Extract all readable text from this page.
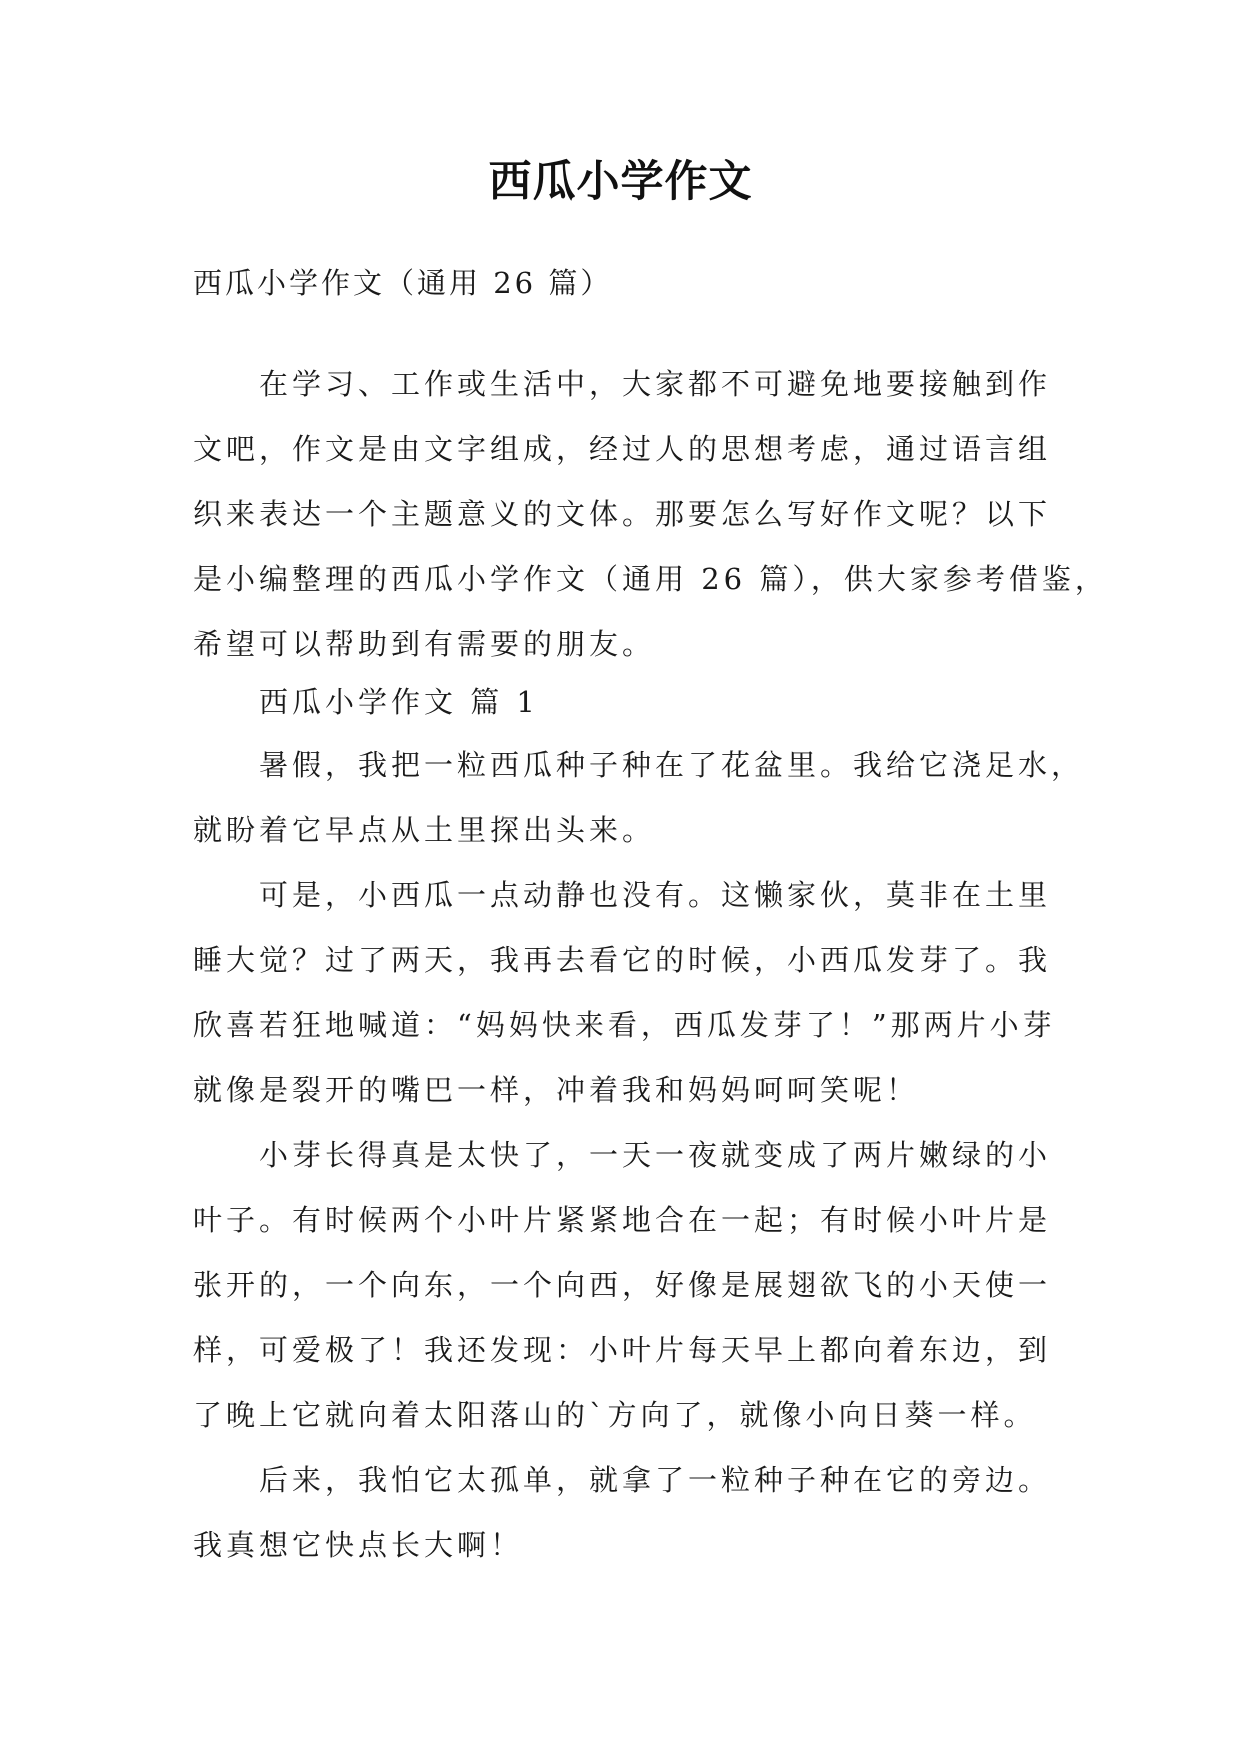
西瓜小学作文
西瓜小学作文（通用 26 篇）

在学习、工作或生活中，大家都不可避免地要接触到作
文吧，作文是由文字组成，经过人的思想考虑，通过语言组
织来表达一个主题意义的文体。那要怎么写好作文呢？以下
是小编整理的西瓜小学作文（通用 26 篇），供大家参考借鉴，
希望可以帮助到有需要的朋友。

西瓜小学作文 篇 1

暑假，我把一粒西瓜种子种在了花盆里。我给它浇足水，
就盼着它早点从土里探出头来。

可是，小西瓜一点动静也没有。这懒家伙，莫非在土里
睡大觉？过了两天，我再去看它的时候，小西瓜发芽了。我
欣喜若狂地喊道：“妈妈快来看，西瓜发芽了！”那两片小芽
就像是裂开的嘴巴一样，冲着我和妈妈呵呵笑呢！

小芽长得真是太快了，一天一夜就变成了两片嫩绿的小
叶子。有时候两个小叶片紧紧地合在一起；有时候小叶片是
张开的，一个向东，一个向西，好像是展翅欲飞的小天使一
样，可爱极了！我还发现：小叶片每天早上都向着东边，到
了晚上它就向着太阳落山的`方向了，就像小向日葵一样。

后来，我怕它太孤单，就拿了一粒种子种在它的旁边。
我真想它快点长大啊！
